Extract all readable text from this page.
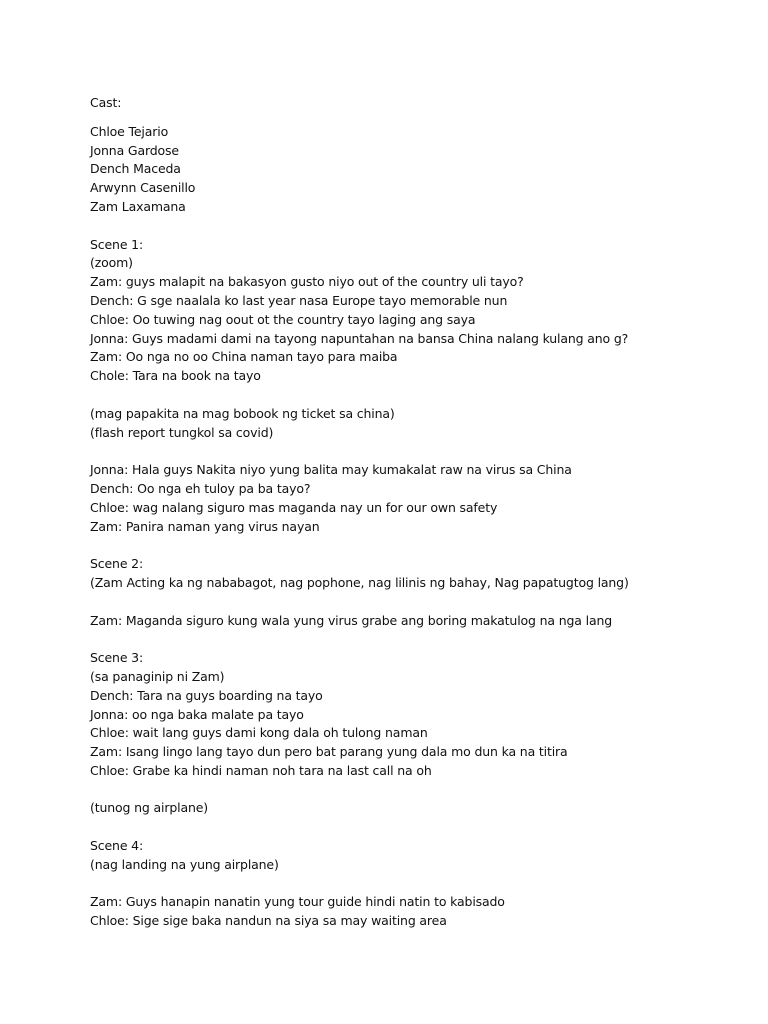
Cast:
Chloe Tejario
Jonna Gardose
Dench Maceda
Arwynn Casenillo
Zam Laxamana
Scene 1:
(zoom)
Zam: guys malapit na bakasyon gusto niyo out of the country uli tayo?
Dench: G sge naalala ko last year nasa Europe tayo memorable nun
Chloe: Oo tuwing nag oout ot the country tayo laging ang saya
Jonna: Guys madami dami na tayong napuntahan na bansa China nalang kulang ano g?
Zam: Oo nga no oo China naman tayo para maiba
Chole: Tara na book na tayo
(mag papakita na mag bobook ng ticket sa china)
(flash report tungkol sa covid)
Jonna: Hala guys Nakita niyo yung balita may kumakalat raw na virus sa China
Dench: Oo nga eh tuloy pa ba tayo?
Chloe: wag nalang siguro mas maganda nay un for our own safety
Zam: Panira naman yang virus nayan
Scene 2:
(Zam Acting ka ng nababagot, nag pophone, nag lilinis ng bahay, Nag papatugtog lang)
Zam: Maganda siguro kung wala yung virus grabe ang boring makatulog na nga lang
Scene 3:
(sa panaginip ni Zam)
Dench: Tara na guys boarding na tayo
Jonna: oo nga baka malate pa tayo
Chloe: wait lang guys dami kong dala oh tulong naman
Zam: Isang lingo lang tayo dun pero bat parang yung dala mo dun ka na titira
Chloe: Grabe ka hindi naman noh tara na last call na oh
(tunog ng airplane)
Scene 4:
(nag landing na yung airplane)
Zam: Guys hanapin nanatin yung tour guide hindi natin to kabisado
Chloe: Sige sige baka nandun na siya sa may waiting area
